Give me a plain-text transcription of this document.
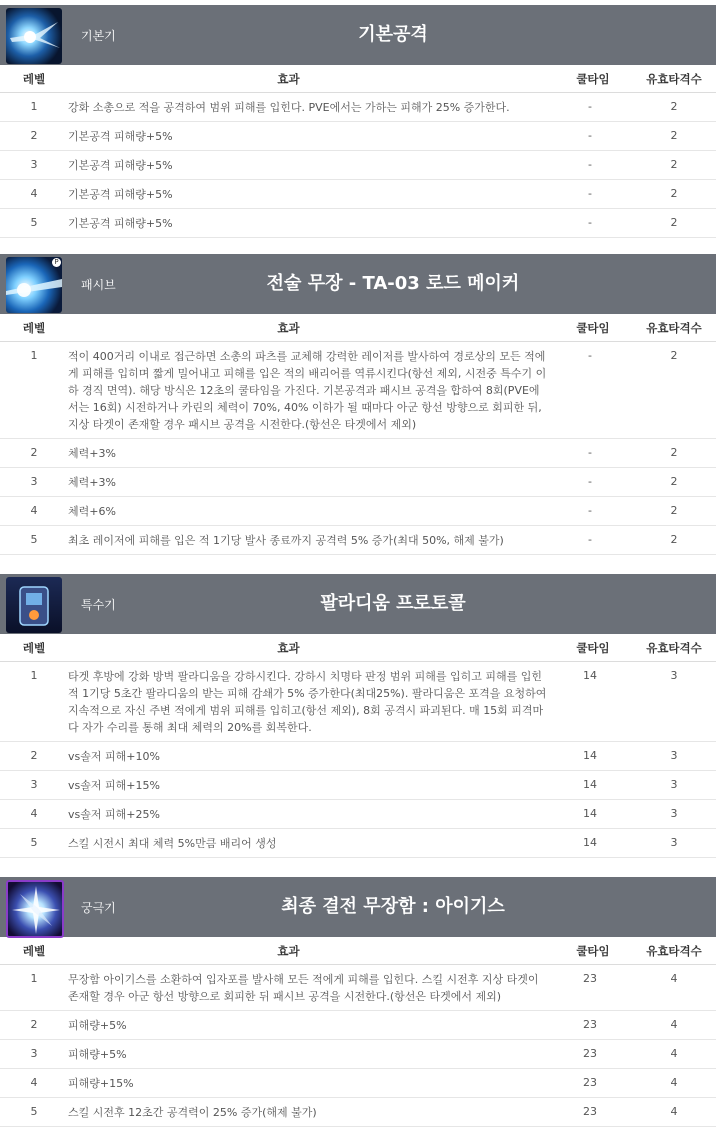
기본기	기본공격
레벨	효과	쿨타임	유효타격수
1	강화 소총으로 적을 공격하여 범위 피해를 입힌다. PVE에서는 가하는 피해가 25% 증가한다.	-	2
2	기본공격 피해량+5%	-	2
3	기본공격 피해량+5%	-	2
4	기본공격 피해량+5%	-	2
5	기본공격 피해량+5%	-	2
P
패시브	전술 무장 - TA-03 로드 메이커
레벨	효과	쿨타임	유효타격수
1	적이 400거리 이내로 접근하면 소총의 파츠를 교체해 강력한 레이저를 발사하여 경로상의 모든 적에게 피해를 입히며 짧게 밀어내고 피해를 입은 적의 배리어를 역류시킨다(항선 제외, 시전중 특수기 이하 경직 면역). 해당 방식은 12초의 쿨타임을 가진다. 기본공격과 패시브 공격을 합하여 8회(PVE에서는 16회) 시전하거나 카린의 체력이 70%, 40% 이하가 될 때마다 아군 항선 방향으로 회피한 뒤, 지상 타겟이 존재할 경우 패시브 공격을 시전한다.(항선은 타겟에서 제외)	-	2
2	체력+3%	-	2
3	체력+3%	-	2
4	체력+6%	-	2
5	최초 레이저에 피해를 입은 적 1기당 발사 종료까지 공격력 5% 증가(최대 50%, 해제 불가)	-	2
특수기	팔라디움 프로토콜
레벨	효과	쿨타임	유효타격수
1	타겟 후방에 강화 방벽 팔라디움을 강하시킨다. 강하시 치명타 판정 범위 피해를 입히고 피해를 입힌 적 1기당 5초간 팔라디움의 받는 피해 감쇄가 5% 증가한다(최대25%). 팔라디움은 포격을 요청하여 지속적으로 자신 주변 적에게 범위 피해를 입히고(항선 제외), 8회 공격시 파괴된다. 매 15회 피격마다 자가 수리를 통해 최대 체력의 20%를 회복한다.	14	3
2	vs솔저 피해+10%	14	3
3	vs솔저 피해+15%	14	3
4	vs솔저 피해+25%	14	3
5	스킬 시전시 최대 체력 5%만큼 배리어 생성	14	3
궁극기	최종 결전 무장함 : 아이기스
레벨	효과	쿨타임	유효타격수
1	무장함 아이기스를 소환하여 입자포를 발사해 모든 적에게 피해를 입힌다. 스킬 시전후 지상 타겟이 존재할 경우 아군 항선 방향으로 회피한 뒤 패시브 공격을 시전한다.(항선은 타겟에서 제외)	23	4
2	피해량+5%	23	4
3	피해량+5%	23	4
4	피해량+15%	23	4
5	스킬 시전후 12초간 공격력이 25% 증가(해제 불가)	23	4
